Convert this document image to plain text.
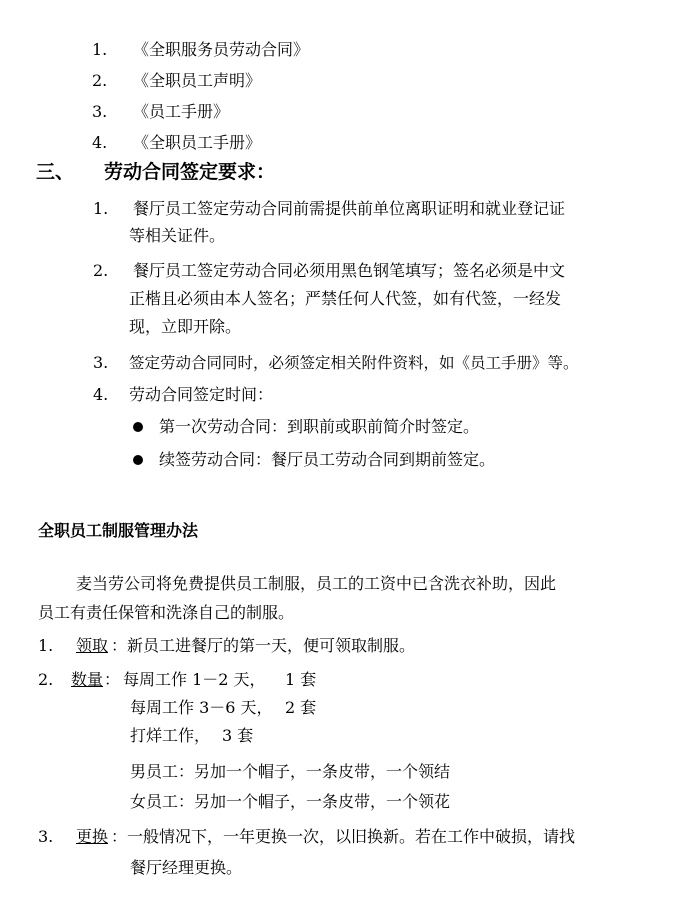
1. 《全职服务员劳动合同》
2. 《全职员工声明》
3. 《员工手册》
4. 《全职员工手册》
三、 劳动合同签定要求：
1. 餐厅员工签定劳动合同前需提供前单位离职证明和就业登记证
等相关证件。
2. 餐厅员工签定劳动合同必须用黑色钢笔填写；签名必须是中文
正楷且必须由本人签名；严禁任何人代签，如有代签，一经发
现，立即开除。
3. 签定劳动合同同时，必须签定相关附件资料，如《员工手册》等。
4. 劳动合同签定时间：
第一次劳动合同：到职前或职前简介时签定。
续签劳动合同：餐厅员工劳动合同到期前签定。
全职员工制服管理办法
麦当劳公司将免费提供员工制服，员工的工资中已含洗衣补助，因此
员工有责任保管和洗涤自己的制服。
1. 领取 ：新员工进餐厅的第一天，便可领取制服。
2. 数量 ： 每周工作 1－2 天， 1 套
每周工作 3－6 天， 2 套
打烊工作， 3 套
男员工：另加一个帽子，一条皮带，一个领结
女员工：另加一个帽子，一条皮带，一个领花
3. 更换 ：一般情况下，一年更换一次，以旧换新。若在工作中破损，请找
餐厅经理更换。
